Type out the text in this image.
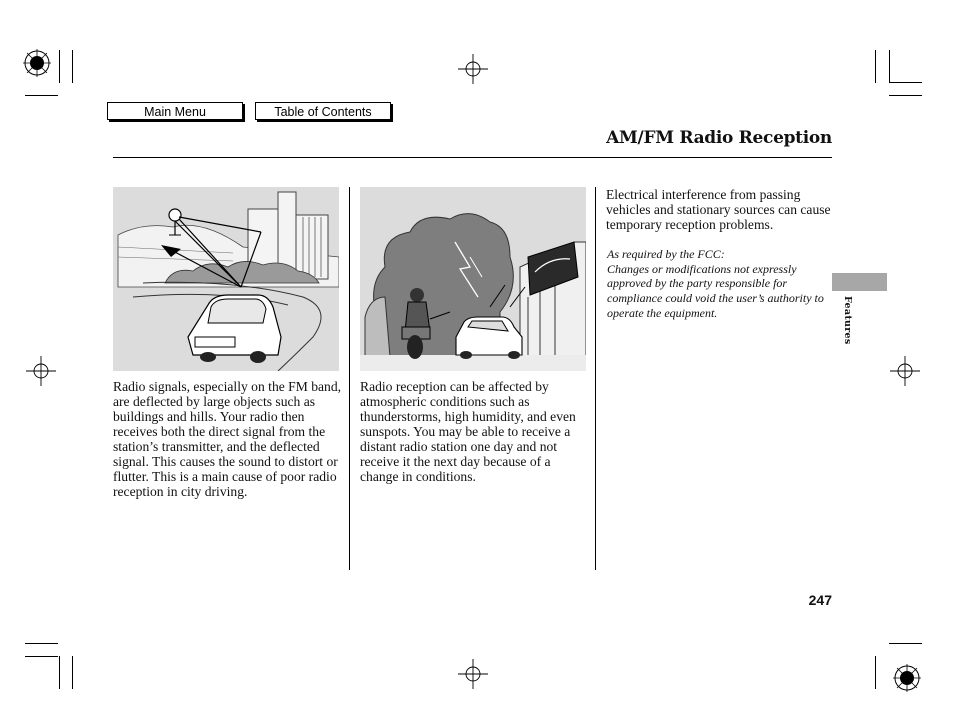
Main Menu	Table of Contents
AM/FM Radio Reception
Radio signals, especially on the FM band, are deflected by large objects such as buildings and hills. Your radio then receives both the direct signal from the station’s transmitter, and the deflected signal. This causes the sound to distort or flutter. This is a main cause of poor radio reception in city driving.
Radio reception can be affected by atmospheric conditions such as thunderstorms, high humidity, and even sunspots. You may be able to receive a distant radio station one day and not receive it the next day because of a change in conditions.
Electrical interference from passing vehicles and stationary sources can cause temporary reception problems.
As required by the FCC:
Changes or modifications not expressly approved by the party responsible for compliance could void the user’s authority to operate the equipment.	Features
247
